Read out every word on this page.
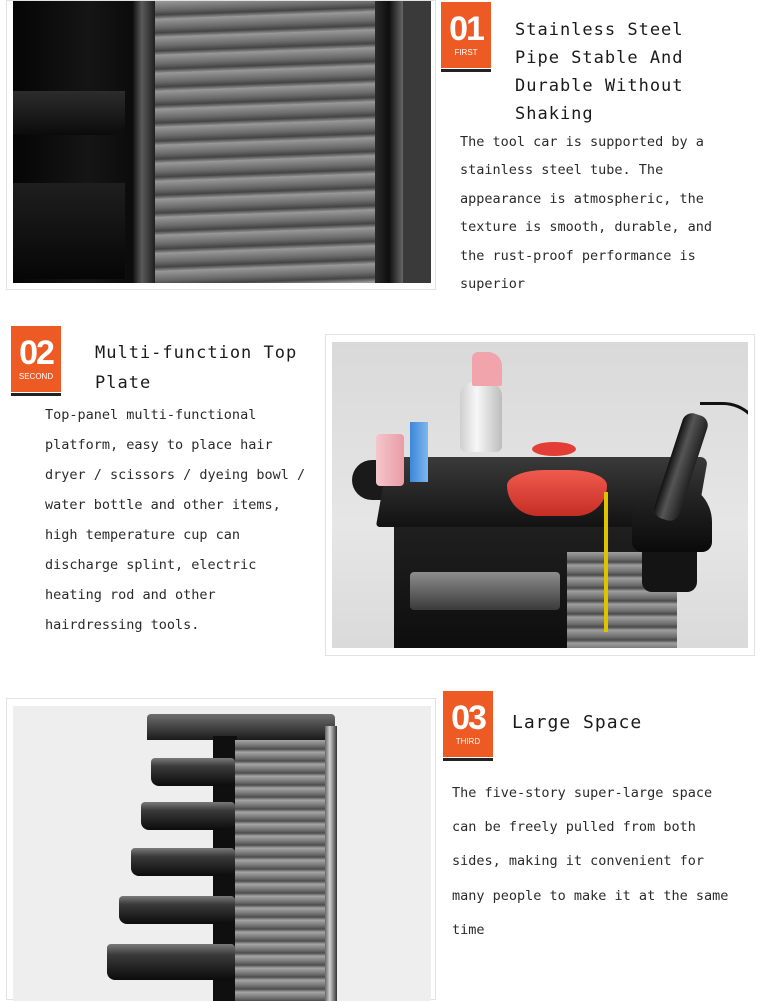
01
FIRST
Stainless Steel
Pipe Stable And
Durable Without
Shaking
The tool car is supported by a
stainless steel tube. The
appearance is atmospheric, the
texture is smooth, durable, and
the rust-proof performance is
superior
02
SECOND
Multi-function Top
Plate
Top-panel multi-functional
platform, easy to place hair
dryer / scissors / dyeing bowl /
water bottle and other items,
high temperature cup can
discharge splint, electric
heating rod and other
hairdressing tools.
03
THIRD
Large Space
The five-story super-large space
can be freely pulled from both
sides, making it convenient for
many people to make it at the same
time
